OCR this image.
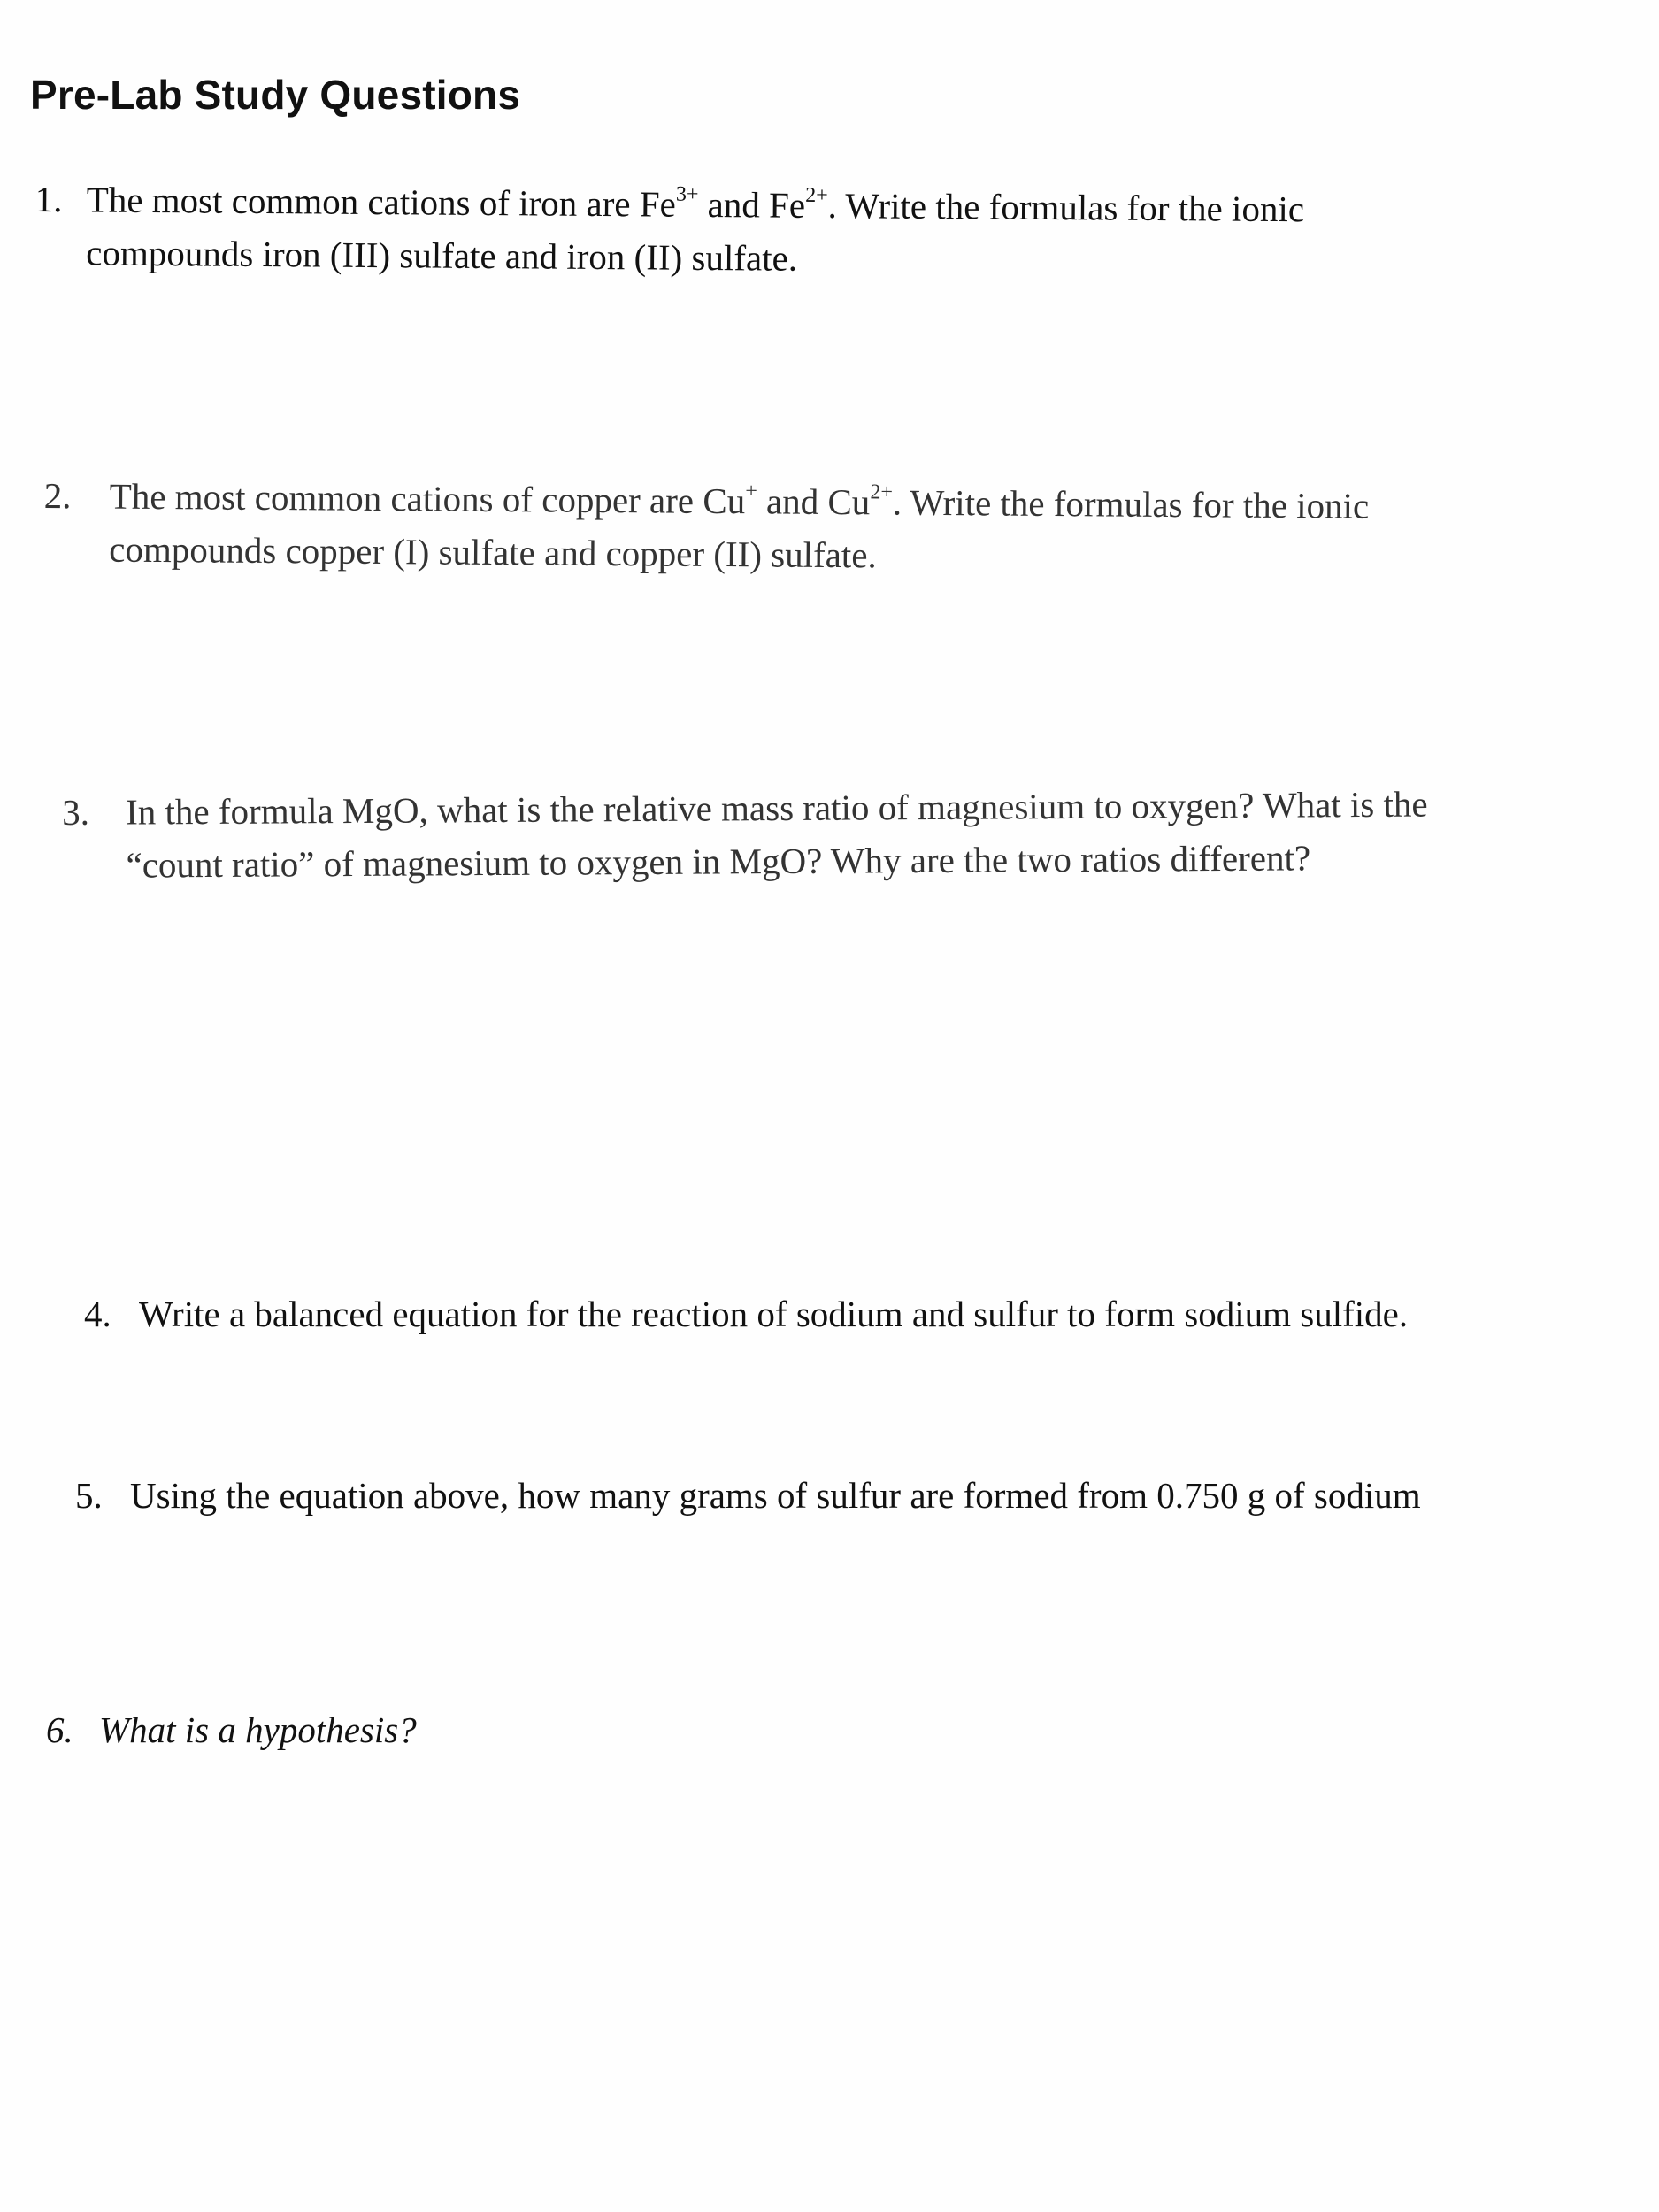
Pre-Lab Study Questions
1. The most common cations of iron are $Fe^{3+}$ and $Fe^{2+}$. Write the formulas for the ionic
compounds iron (III) sulfate and iron (II) sulfate.
2.	The most common cations of copper are Cu+ and $Cu^{2+}$. Write the formulas for the ionic
compounds copper (I) sulfate and copper (II) sulfate.
3. In the formula MgO, what is the relative mass ratio of magnesium to oxygen? What is the
“count ratio” of magnesium to oxygen in MgO? Why are the two ratios different?
4. Write a balanced equation for the reaction of sodium and sulfur to form sodium sulfide.
5. Using the equation above, how many grams of sulfur are formed from 0.750 g of sodium
6. What is a hypothesis?
